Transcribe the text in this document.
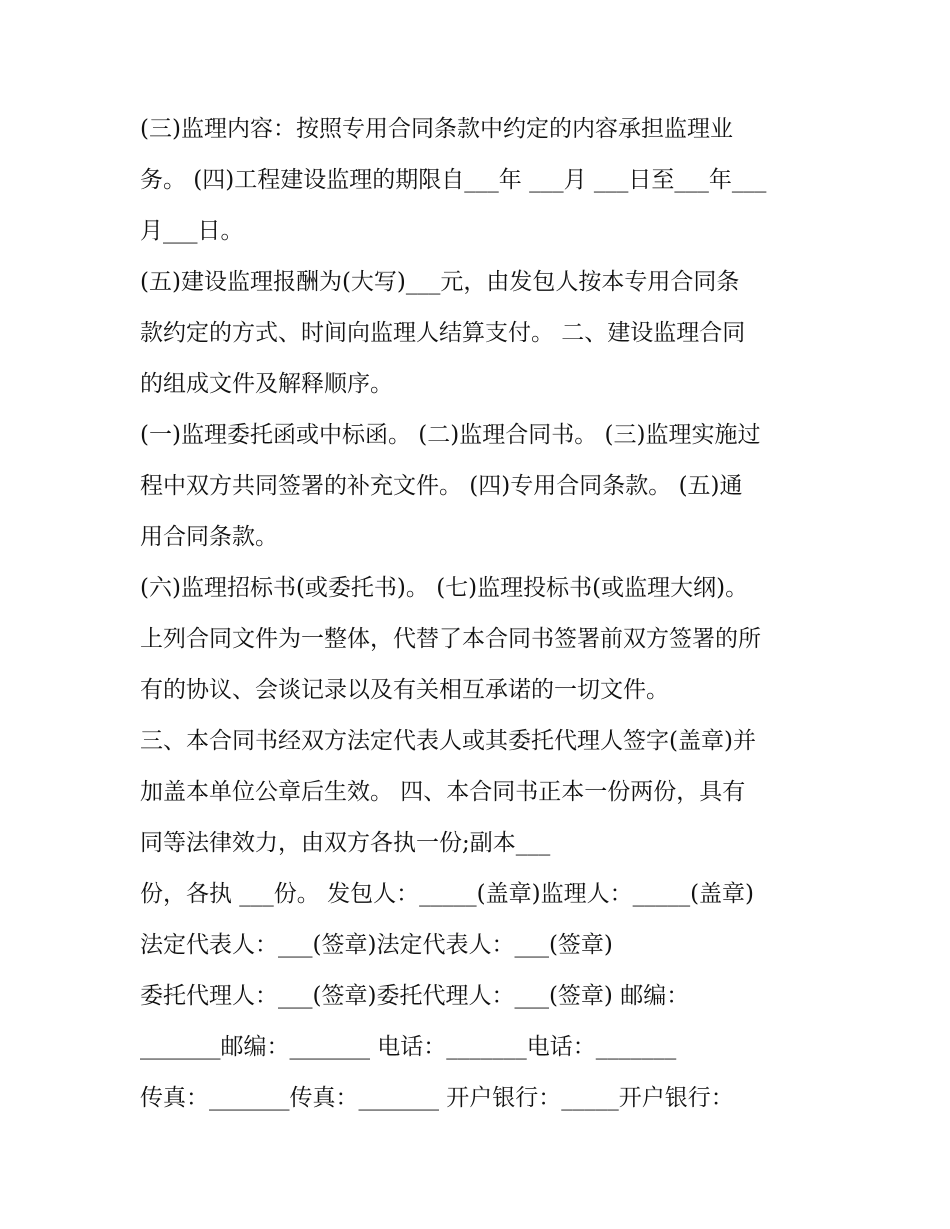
(三)监理内容：按照专用合同条款中约定的内容承担监理业
务。 (四)工程建设监理的期限自___年 ___月 ___日至___年___
月___日。
(五)建设监理报酬为(大写)___元，由发包人按本专用合同条
款约定的方式、时间向监理人结算支付。 二、建设监理合同
的组成文件及解释顺序。
(一)监理委托函或中标函。 (二)监理合同书。 (三)监理实施过
程中双方共同签署的补充文件。 (四)专用合同条款。 (五)通
用合同条款。
(六)监理招标书(或委托书)。 (七)监理投标书(或监理大纲)。
上列合同文件为一整体，代替了本合同书签署前双方签署的所
有的协议、会谈记录以及有关相互承诺的一切文件。
三、本合同书经双方法定代表人或其委托代理人签字(盖章)并
加盖本单位公章后生效。 四、本合同书正本一份两份，具有
同等法律效力，由双方各执一份;副本___
份，各执 ___份。 发包人：_____(盖章)监理人：_____(盖章)
法定代表人：___(签章)法定代表人：___(签章)
委托代理人：___(签章)委托代理人：___(签章) 邮编：
_______邮编：_______ 电话：_______电话：_______
传真：_______传真：_______ 开户银行：_____开户银行：
